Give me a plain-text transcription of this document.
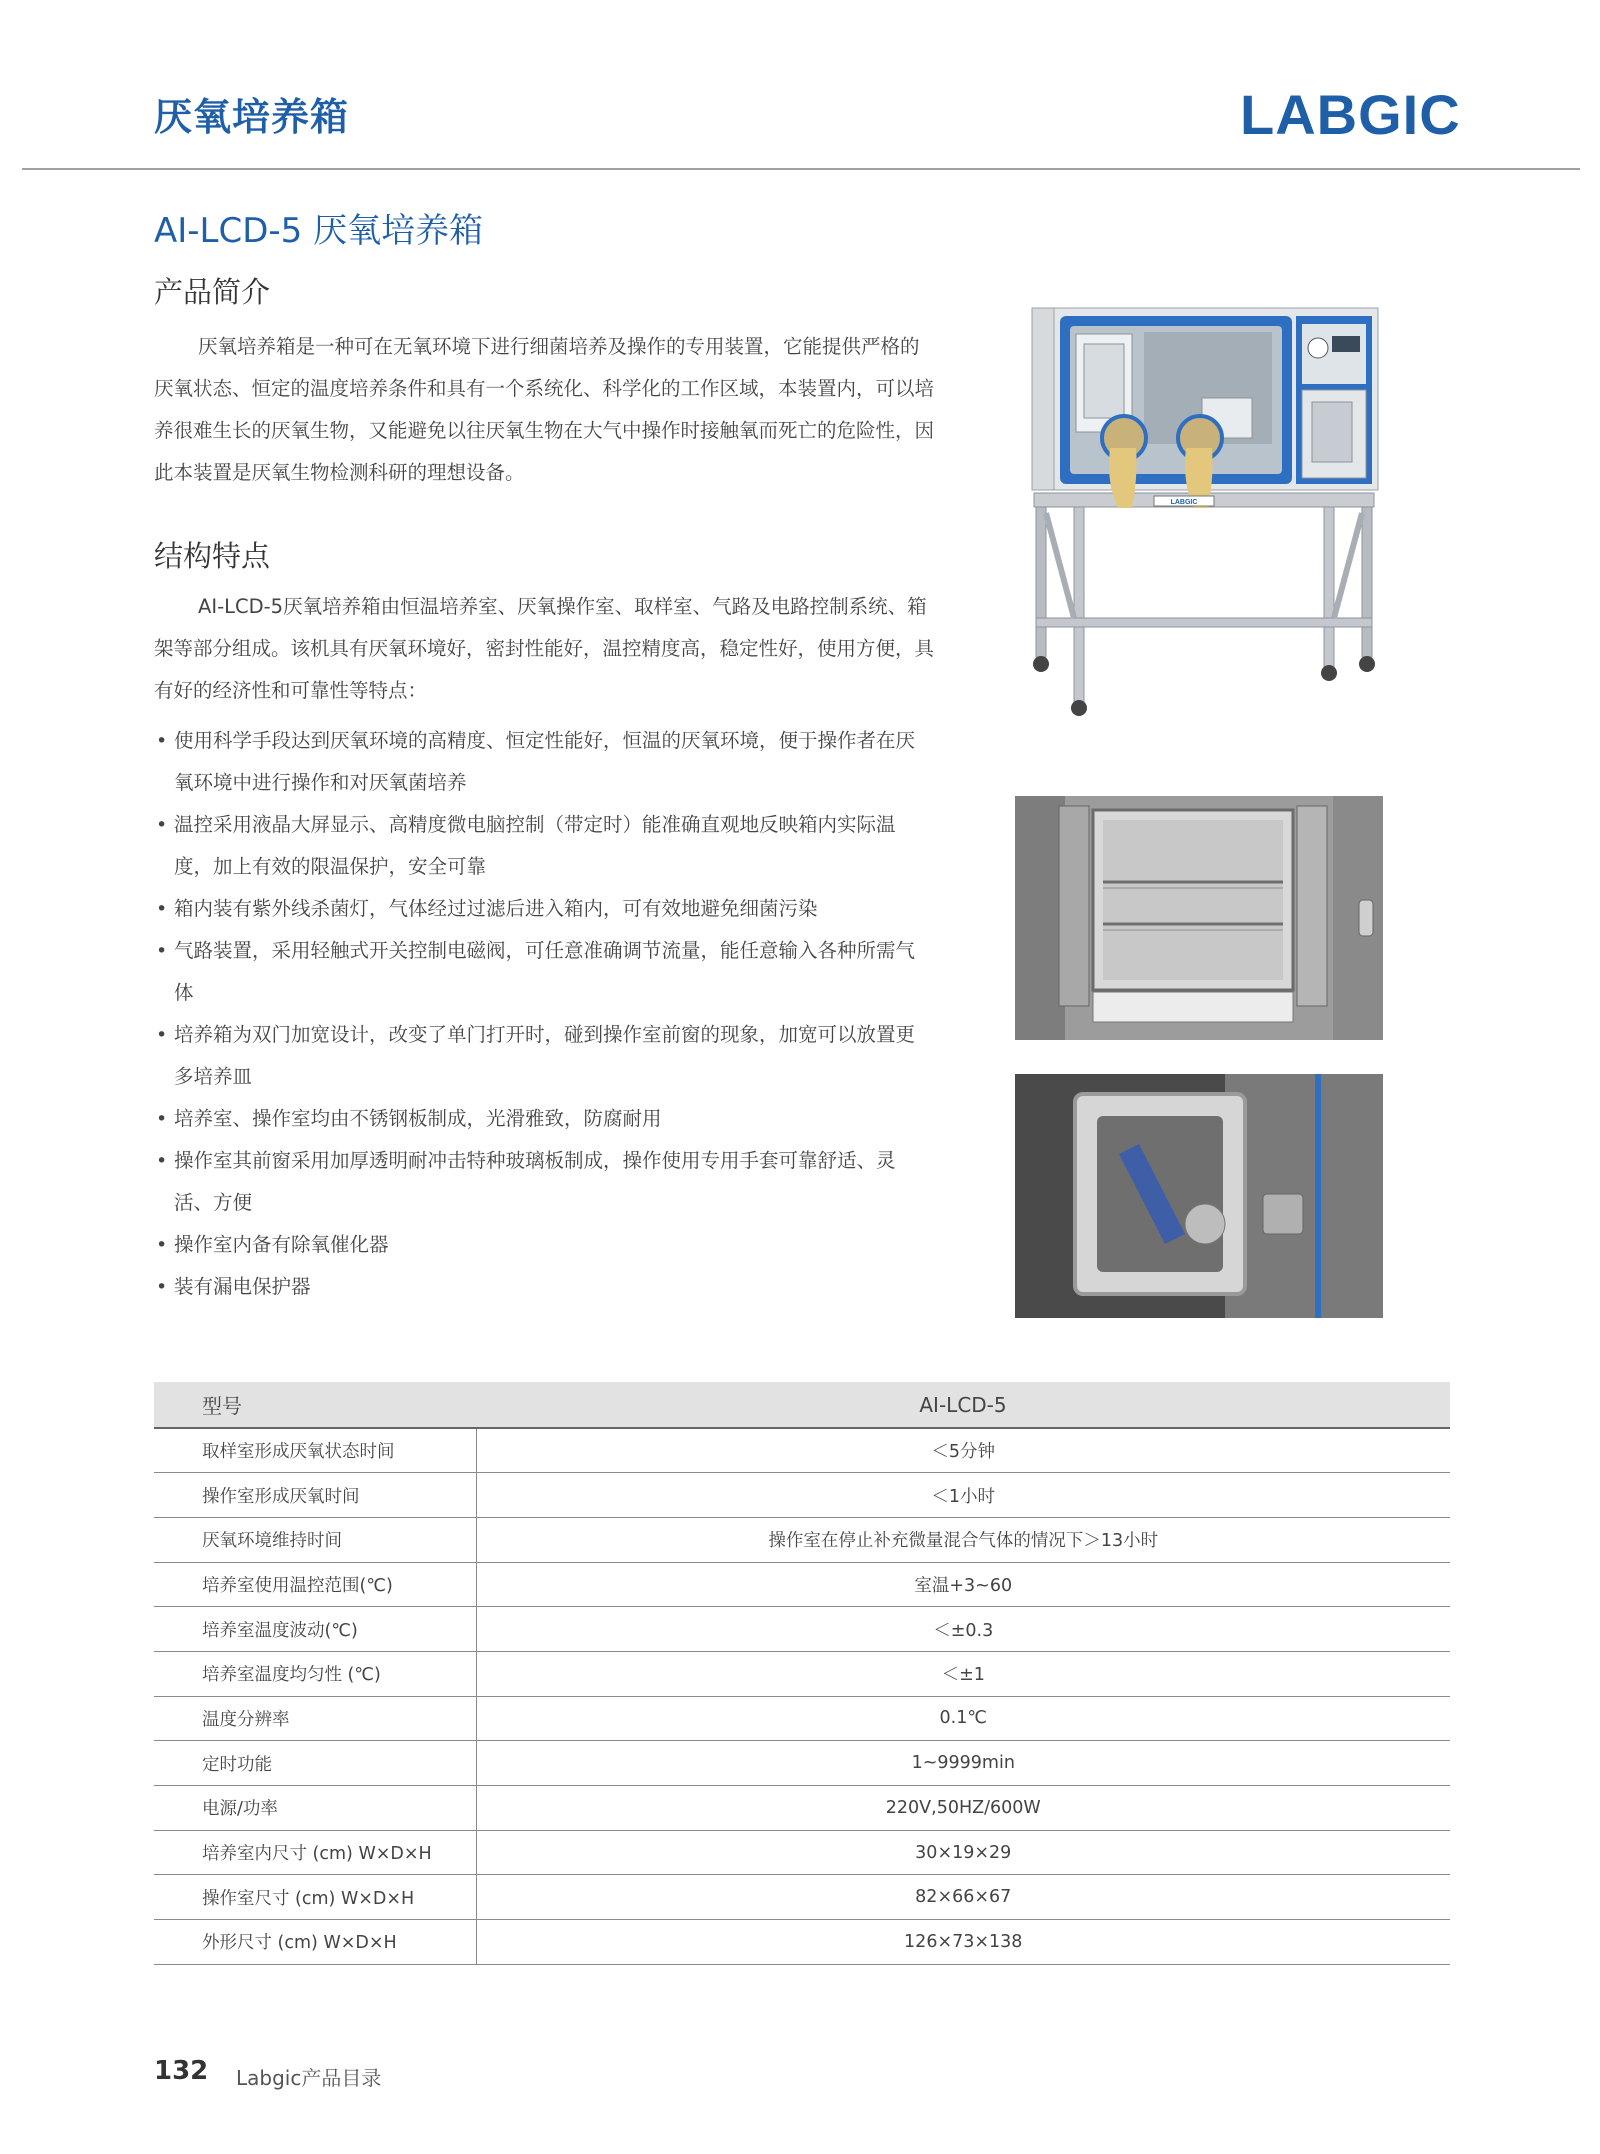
厌氧培养箱	LABGIC
AI-LCD-5 厌氧培养箱
产品简介

厌氧培养箱是一种可在无氧环境下进行细菌培养及操作的专用装置，它能提供严格的厌氧状态、恒定的温度培养条件和具有一个系统化、科学化的工作区域，本装置内，可以培养很难生长的厌氧生物，又能避免以往厌氧生物在大气中操作时接触氧而死亡的危险性，因此本装置是厌氧生物检测科研的理想设备。

结构特点

AI-LCD-5厌氧培养箱由恒温培养室、厌氧操作室、取样室、气路及电路控制系统、箱架等部分组成。该机具有厌氧环境好，密封性能好，温控精度高，稳定性好，使用方便，具有好的经济性和可靠性等特点：

• 使用科学手段达到厌氧环境的高精度、恒定性能好，恒温的厌氧环境，便于操作者在厌氧环境中进行操作和对厌氧菌培养
• 温控采用液晶大屏显示、高精度微电脑控制（带定时）能准确直观地反映箱内实际温度，加上有效的限温保护，安全可靠
• 箱内装有紫外线杀菌灯，气体经过过滤后进入箱内，可有效地避免细菌污染
• 气路装置，采用轻触式开关控制电磁阀，可任意准确调节流量，能任意输入各种所需气体
• 培养箱为双门加宽设计，改变了单门打开时，碰到操作室前窗的现象，加宽可以放置更多培养皿
• 培养室、操作室均由不锈钢板制成，光滑雅致，防腐耐用
• 操作室其前窗采用加厚透明耐冲击特种玻璃板制成，操作使用专用手套可靠舒适、灵活、方便
• 操作室内备有除氧催化器
• 装有漏电保护器
LABGIC
型号	AI-LCD-5
取样室形成厌氧状态时间	＜5分钟
操作室形成厌氧时间	＜1小时
厌氧环境维持时间	操作室在停止补充微量混合气体的情况下＞13小时
培养室使用温控范围(℃)	室温+3~60
培养室温度波动(℃)	＜±0.3
培养室温度均匀性 (℃)	＜±1
温度分辨率	0.1℃
定时功能	1~9999min
电源/功率	220V,50HZ/600W
培养室内尺寸 (cm) W×D×H	30×19×29
操作室尺寸 (cm) W×D×H	82×66×67
外形尺寸 (cm) W×D×H	126×73×138
132 Labgic产品目录
